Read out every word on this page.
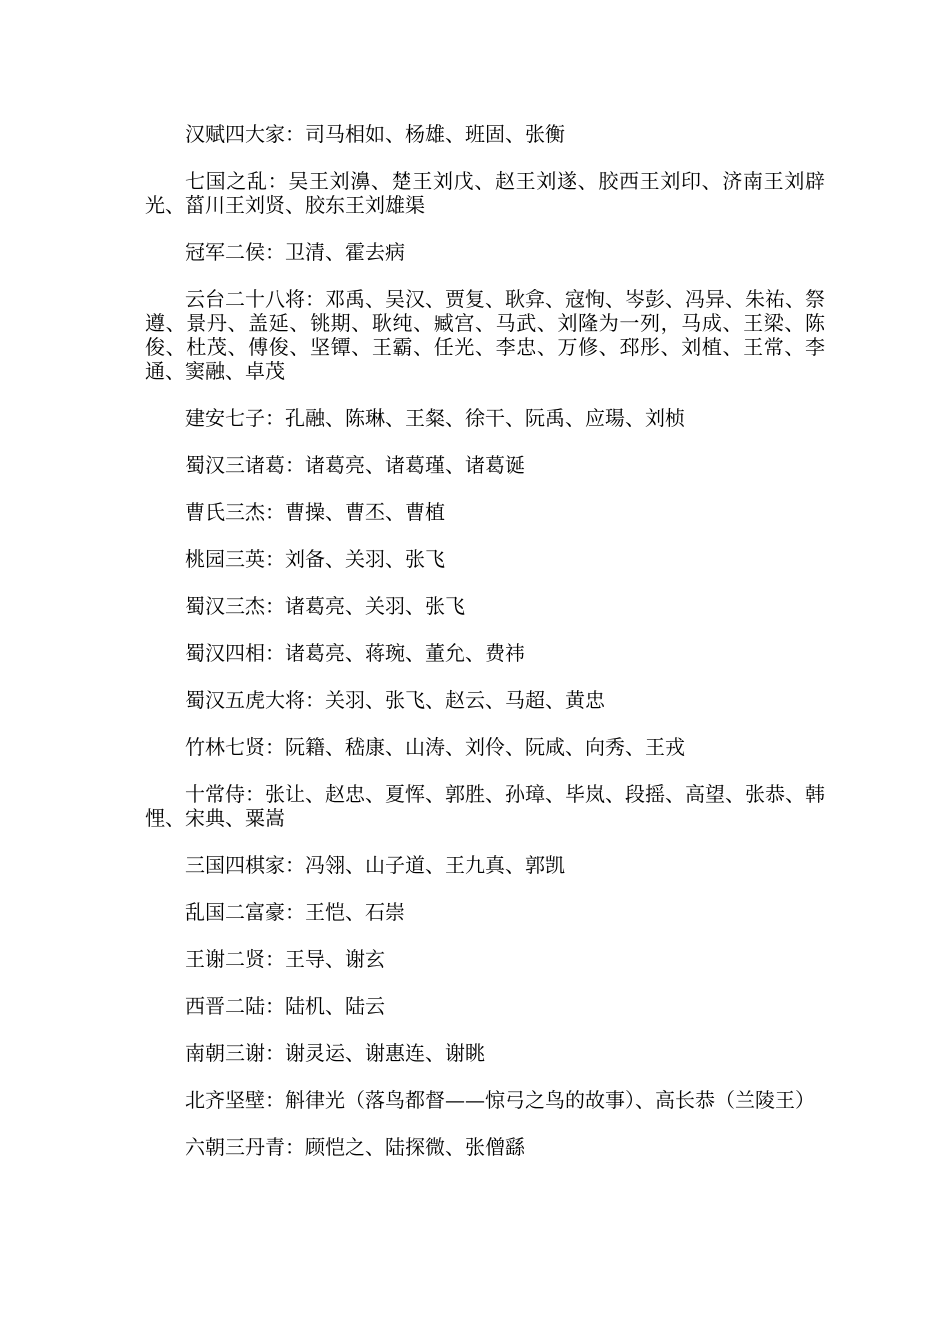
汉赋四大家：司马相如、杨雄、班固、张衡

七国之乱：吴王刘濞、楚王刘戊、赵王刘遂、胶西王刘印、济南王刘辟光、菑川王刘贤、胶东王刘雄渠

冠军二侯：卫清、霍去病

云台二十八将：邓禹、吴汉、贾复、耿弇、寇恂、岑彭、冯异、朱祐、祭遵、景丹、盖延、铫期、耿纯、臧宫、马武、刘隆为一列，马成、王梁、陈俊、杜茂、傅俊、坚镡、王霸、任光、李忠、万修、邳彤、刘植、王常、李通、窦融、卓茂

建安七子：孔融、陈琳、王粲、徐干、阮禹、应瑒、刘桢

蜀汉三诸葛：诸葛亮、诸葛瑾、诸葛诞

曹氏三杰：曹操、曹丕、曹植

桃园三英：刘备、关羽、张飞

蜀汉三杰：诸葛亮、关羽、张飞

蜀汉四相：诸葛亮、蒋琬、董允、费祎

蜀汉五虎大将：关羽、张飞、赵云、马超、黄忠

竹林七贤：阮籍、嵇康、山涛、刘伶、阮咸、向秀、王戎

十常侍：张让、赵忠、夏恽、郭胜、孙璋、毕岚、段摇、高望、张恭、韩悝、宋典、粟嵩

三国四棋家：冯翎、山子道、王九真、郭凯

乱国二富豪：王恺、石崇

王谢二贤：王导、谢玄

西晋二陆：陆机、陆云

南朝三谢：谢灵运、谢惠连、谢眺

北齐坚壁：斛律光（落鸟都督——惊弓之鸟的故事）、高长恭（兰陵王）

六朝三丹青：顾恺之、陆探微、张僧繇
